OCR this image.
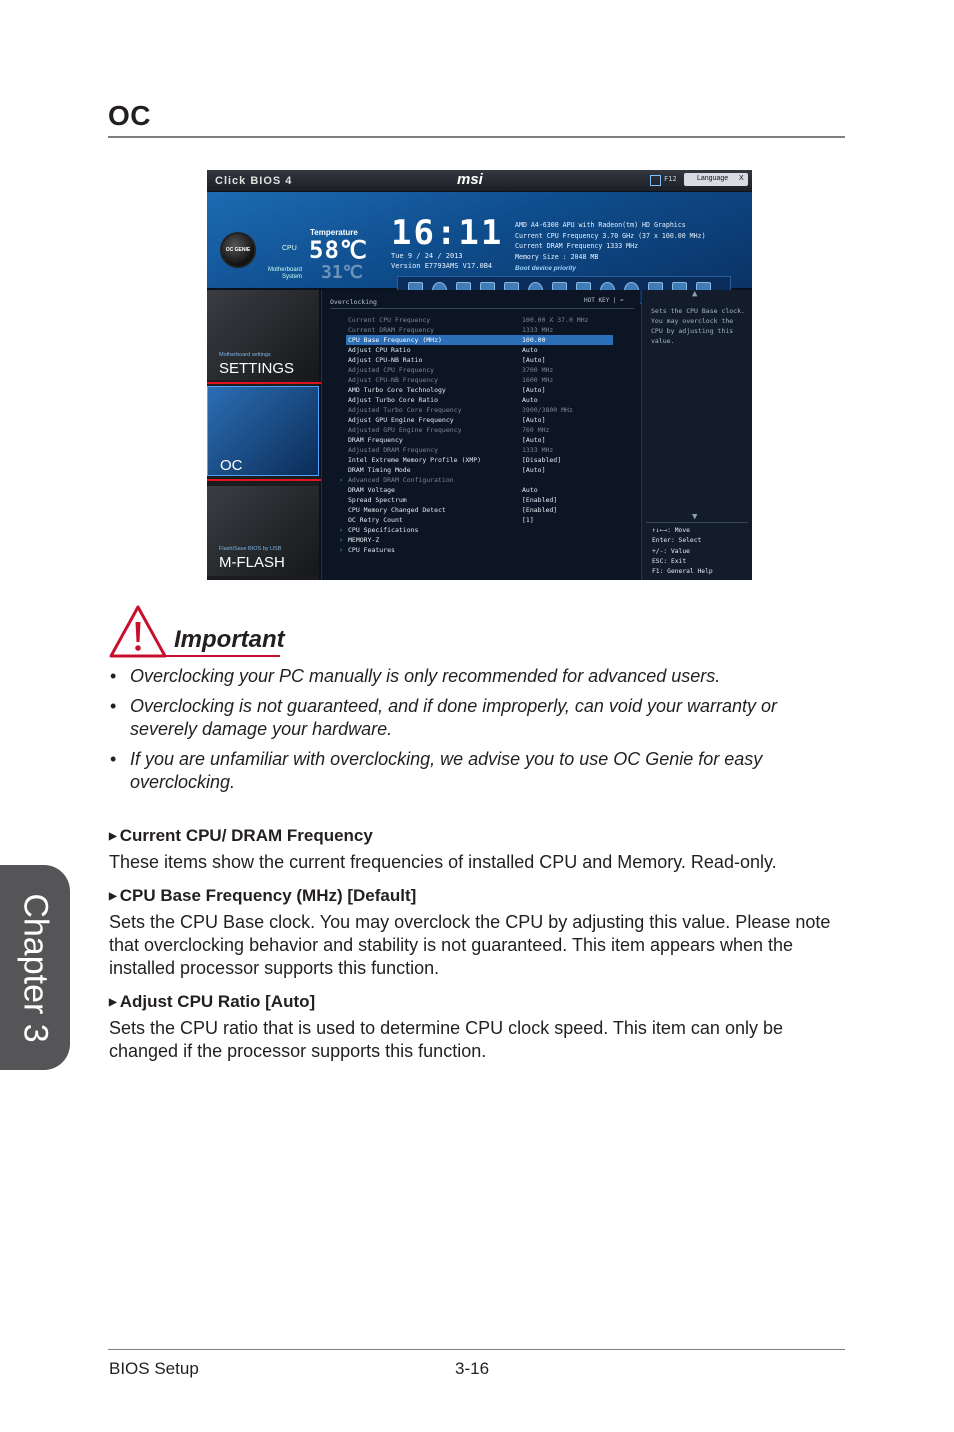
OC
Chapter 3
Click BIOS 4	msi	F12	Language X
OC GENIE
Temperature
CPU 58℃
Motherboard System 31℃
16:11
Tue 9 / 24 / 2013
Version E7793AMS V17.0B4
AMD A4-6300 APU with Radeon(tm) HD Graphics
Current CPU Frequency 3.70 GHz (37 x 100.00 MHz)
Current DRAM Frequency 1333 MHz
Memory Size : 2048 MB
Boot device priority
Motherboard settings
SETTINGS
OC
Flash/Save BIOS by USB
M-FLASH
Overclocking	HOT KEY | ↶
Current CPU Frequency	100.00 X 37.0 MHz
Current DRAM Frequency	1333 MHz
CPU Base Frequency (MHz)	100.00
Adjust CPU Ratio	Auto
Adjust CPU-NB Ratio	[Auto]
Adjusted CPU Frequency	3700 MHz
Adjust CPU-NB Frequency	1600 MHz
AMD Turbo Core Technology	[Auto]
Adjust Turbo Core Ratio	Auto
Adjusted Turbo Core Frequency	3900/3800 MHz
Adjust GPU Engine Frequency	[Auto]
Adjusted GPU Engine Frequency	760 MHz
DRAM Frequency	[Auto]
Adjusted DRAM Frequency	1333 MHz
Intel Extreme Memory Profile (XMP)	[Disabled]
DRAM Timing Mode	[Auto]
› Advanced DRAM Configuration
DRAM Voltage	Auto
Spread Spectrum	[Enabled]
CPU Memory Changed Detect	[Enabled]
OC Retry Count	[1]
› CPU Specifications
› MEMORY-Z
› CPU Features
▲
Sets the CPU Base clock. You may overclock the CPU by adjusting this value.
▼
↑↓←→: Move
Enter: Select
+/-: Value
ESC: Exit
F1: General Help
Important
• Overclocking your PC manually is only recommended for advanced users.
• Overclocking is not guaranteed, and if done improperly, can void your warranty or severely damage your hardware.
• If you are unfamiliar with overclocking, we advise you to use OC Genie for easy overclocking.
▶ Current CPU/ DRAM Frequency
These items show the current frequencies of installed CPU and Memory. Read-only.
▶ CPU Base Frequency (MHz) [Default]
Sets the CPU Base clock. You may overclock the CPU by adjusting this value. Please note that overclocking behavior and stability is not guaranteed. This item appears when the installed processor supports this function.
▶ Adjust CPU Ratio [Auto]
Sets the CPU ratio that is used to determine CPU clock speed. This item can only be changed if the processor supports this function.
BIOS Setup	3-16
